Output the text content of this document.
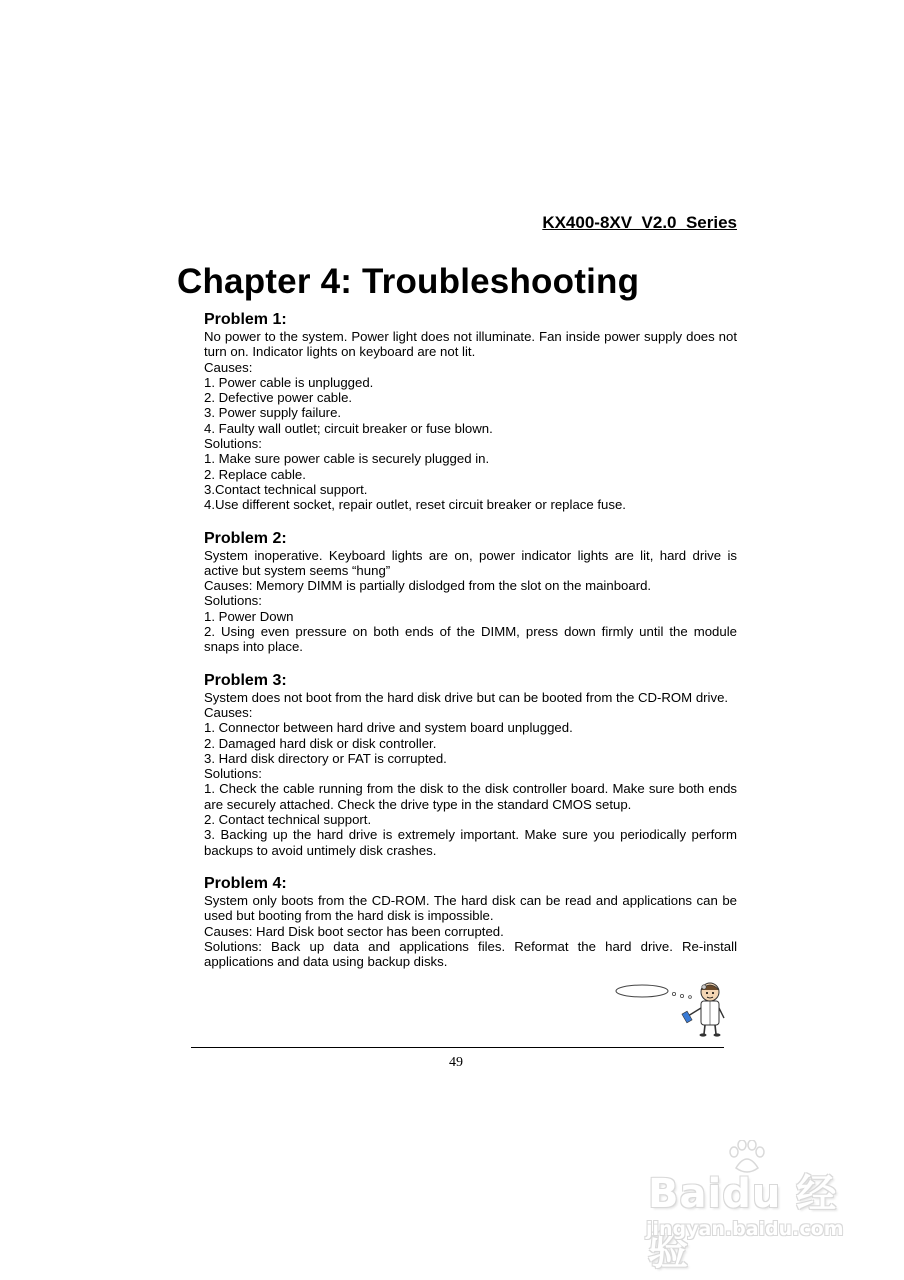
KX400-8XV  V2.0  Series
Chapter 4: Troubleshooting
Problem 1:

No power to the system. Power light does not illuminate. Fan inside power supply does not turn on. Indicator lights on keyboard are not lit.

Causes:

1. Power cable is unplugged.

2. Defective power cable.

3. Power supply failure.

4. Faulty wall outlet; circuit breaker or fuse blown.

Solutions:

1. Make sure power cable is securely plugged in.

2. Replace cable.

3.Contact technical support.

4.Use different socket, repair outlet, reset circuit breaker or replace fuse.

Problem 2:

System inoperative. Keyboard lights are on, power indicator lights are lit, hard drive is active but system seems “hung”

Causes: Memory DIMM is partially dislodged from the slot on the mainboard.

Solutions:

1. Power Down

2. Using even pressure on both ends of the DIMM, press down firmly until the module snaps into place.

Problem 3:

System does not boot from the hard disk drive but can be booted from the CD-ROM drive.

Causes:

1. Connector between hard drive and system board unplugged.

2. Damaged hard disk or disk controller.

3. Hard disk directory or FAT is corrupted.

Solutions:

1. Check the cable running from the disk to the disk controller board. Make sure both ends are securely attached. Check the drive type in the standard CMOS setup.

2. Contact technical support.

3. Backing up the hard drive is extremely important. Make sure you periodically perform backups to avoid untimely disk crashes.

Problem 4:

System only boots from the CD-ROM. The hard disk can be read and applications can be used but booting from the hard disk is impossible.

Causes: Hard Disk boot sector has been corrupted.

Solutions: Back up data and applications files. Reformat the hard drive. Re-install applications and data using backup disks.

49
Baidu 经验
jingyan.baidu.com
